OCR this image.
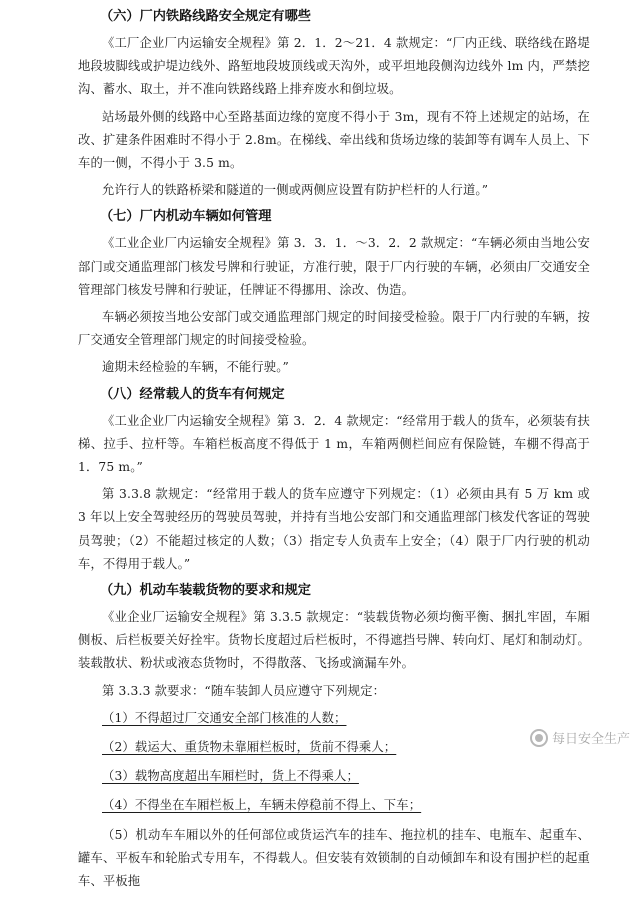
（六）厂内铁路线路安全规定有哪些

《工厂企业厂内运输安全规程》第 2．1．2～21．4 款规定：“厂内正线、联络线在路堤地段坡脚线或护堤边线外、路堑地段坡顶线或天沟外，或平坦地段侧沟边线外 lm 内，严禁挖沟、蓄水、取土，并不准向铁路线路上排弃废水和倒垃圾。

站场最外侧的线路中心至路基面边缘的宽度不得小于 3m，现有不符上述规定的站场，在改、扩建条件困难时不得小于 2.8m。在梯线、牵出线和货场边缘的装卸等有调车人员上、下车的一侧，不得小于 3.5 m。

允许行人的铁路桥梁和隧道的一侧或两侧应设置有防护栏杆的人行道。”

（七）厂内机动车辆如何管理

《工业企业厂内运输安全规程》第 3．3．1．～3．2．2 款规定：“车辆必须由当地公安部门或交通监理部门核发号牌和行驶证，方准行驶，限于厂内行驶的车辆，必须由厂交通安全管理部门核发号牌和行驶证，任牌证不得挪用、涂改、伪造。

车辆必须按当地公安部门或交通监理部门规定的时间接受检验。限于厂内行驶的车辆，按厂交通安全管理部门规定的时间接受检验。

逾期未经检验的车辆，不能行驶。”

（八）经常载人的货车有何规定

《工业企业厂内运输安全规程》第 3．2．4 款规定：“经常用于载人的货车，必须装有扶梯、拉手、拉杆等。车箱栏板高度不得低于 1 m，车箱两侧栏间应有保险链，车棚不得高于 1．75 m。”

第 3.3.8 款规定：“经常用于载人的货车应遵守下列规定：（1）必须由具有 5 万 km 或 3 年以上安全驾驶经历的驾驶员驾驶，并持有当地公安部门和交通监理部门核发代客证的驾驶员驾驶；（2）不能超过核定的人数；（3）指定专人负责车上安全；（4）限于厂内行驶的机动车，不得用于载人。”

（九）机动车装载货物的要求和规定

《业企业厂运输安全规程》第 3.3.5 款规定：“装载货物必须均衡平衡、捆扎牢固，车厢侧板、后栏板要关好拴牢。货物长度超过后栏板时，不得遮挡号牌、转向灯、尾灯和制动灯。装载散状、粉状或液态货物时，不得散落、飞扬或滴漏车外。

第 3.3.3 款要求：“随车装卸人员应遵守下列规定：

（1）不得超过厂交通安全部门核准的人数；
（2）载运大、重货物未靠厢栏板时，货前不得乘人；
（3）载物高度超出车厢栏时，货上不得乘人；
（4）不得坐在车厢栏板上，车辆未停稳前不得上、下车；

（5）机动车车厢以外的任何部位或货运汽车的挂车、拖拉机的挂车、电瓶车、起重车、罐车、平板车和轮胎式专用车，不得载人。但安装有效锁制的自动倾卸车和设有围护栏的起重车、平板拖

每日安全生产
